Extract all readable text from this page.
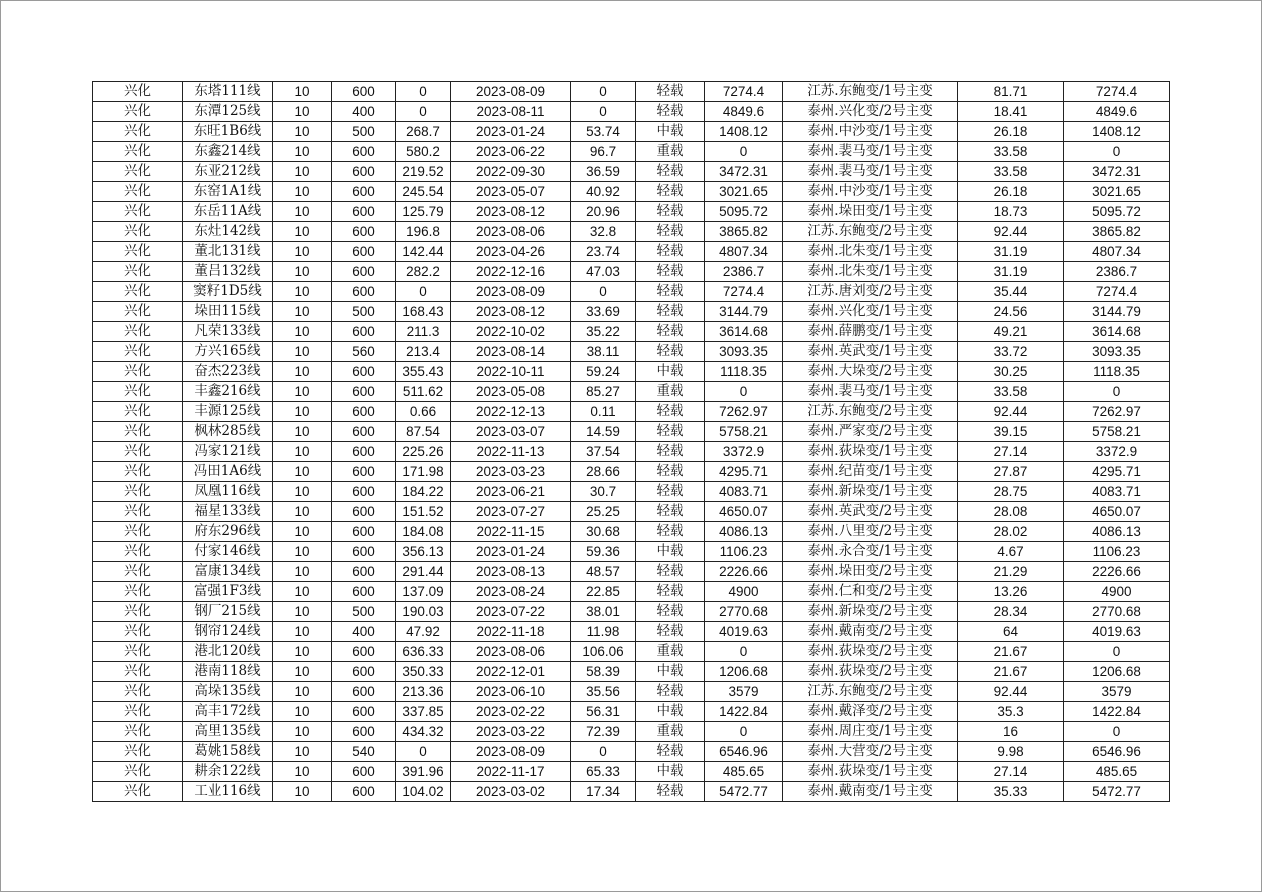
兴化	东塔111线	10	600	0	2023-08-09	0	轻载	7274.4	江苏.东鲍变/1号主变	81.71	7274.4
兴化	东潭125线	10	400	0	2023-08-11	0	轻载	4849.6	泰州.兴化变/2号主变	18.41	4849.6
兴化	东旺1B6线	10	500	268.7	2023-01-24	53.74	中载	1408.12	泰州.中沙变/1号主变	26.18	1408.12
兴化	东鑫214线	10	600	580.2	2023-06-22	96.7	重载	0	泰州.裴马变/1号主变	33.58	0
兴化	东亚212线	10	600	219.52	2022-09-30	36.59	轻载	3472.31	泰州.裴马变/1号主变	33.58	3472.31
兴化	东窑1A1线	10	600	245.54	2023-05-07	40.92	轻载	3021.65	泰州.中沙变/1号主变	26.18	3021.65
兴化	东岳11A线	10	600	125.79	2023-08-12	20.96	轻载	5095.72	泰州.垛田变/1号主变	18.73	5095.72
兴化	东灶142线	10	600	196.8	2023-08-06	32.8	轻载	3865.82	江苏.东鲍变/2号主变	92.44	3865.82
兴化	董北131线	10	600	142.44	2023-04-26	23.74	轻载	4807.34	泰州.北朱变/1号主变	31.19	4807.34
兴化	董吕132线	10	600	282.2	2022-12-16	47.03	轻载	2386.7	泰州.北朱变/1号主变	31.19	2386.7
兴化	窦籽1D5线	10	600	0	2023-08-09	0	轻载	7274.4	江苏.唐刘变/2号主变	35.44	7274.4
兴化	垛田115线	10	500	168.43	2023-08-12	33.69	轻载	3144.79	泰州.兴化变/1号主变	24.56	3144.79
兴化	凡荣133线	10	600	211.3	2022-10-02	35.22	轻载	3614.68	泰州.薛鹏变/1号主变	49.21	3614.68
兴化	方兴165线	10	560	213.4	2023-08-14	38.11	轻载	3093.35	泰州.英武变/1号主变	33.72	3093.35
兴化	奋杰223线	10	600	355.43	2022-10-11	59.24	中载	1118.35	泰州.大垛变/2号主变	30.25	1118.35
兴化	丰鑫216线	10	600	511.62	2023-05-08	85.27	重载	0	泰州.裴马变/1号主变	33.58	0
兴化	丰源125线	10	600	0.66	2022-12-13	0.11	轻载	7262.97	江苏.东鲍变/2号主变	92.44	7262.97
兴化	枫林285线	10	600	87.54	2023-03-07	14.59	轻载	5758.21	泰州.严家变/2号主变	39.15	5758.21
兴化	冯家121线	10	600	225.26	2022-11-13	37.54	轻载	3372.9	泰州.荻垛变/1号主变	27.14	3372.9
兴化	冯田1A6线	10	600	171.98	2023-03-23	28.66	轻载	4295.71	泰州.纪苗变/1号主变	27.87	4295.71
兴化	凤凰116线	10	600	184.22	2023-06-21	30.7	轻载	4083.71	泰州.新垛变/1号主变	28.75	4083.71
兴化	福星133线	10	600	151.52	2023-07-27	25.25	轻载	4650.07	泰州.英武变/2号主变	28.08	4650.07
兴化	府东296线	10	600	184.08	2022-11-15	30.68	轻载	4086.13	泰州.八里变/2号主变	28.02	4086.13
兴化	付家146线	10	600	356.13	2023-01-24	59.36	中载	1106.23	泰州.永合变/1号主变	4.67	1106.23
兴化	富康134线	10	600	291.44	2023-08-13	48.57	轻载	2226.66	泰州.垛田变/2号主变	21.29	2226.66
兴化	富强1F3线	10	600	137.09	2023-08-24	22.85	轻载	4900	泰州.仁和变/2号主变	13.26	4900
兴化	钢厂215线	10	500	190.03	2023-07-22	38.01	轻载	2770.68	泰州.新垛变/2号主变	28.34	2770.68
兴化	钢帘124线	10	400	47.92	2022-11-18	11.98	轻载	4019.63	泰州.戴南变/2号主变	64	4019.63
兴化	港北120线	10	600	636.33	2023-08-06	106.06	重载	0	泰州.荻垛变/2号主变	21.67	0
兴化	港南118线	10	600	350.33	2022-12-01	58.39	中载	1206.68	泰州.荻垛变/2号主变	21.67	1206.68
兴化	高垛135线	10	600	213.36	2023-06-10	35.56	轻载	3579	江苏.东鲍变/2号主变	92.44	3579
兴化	高丰172线	10	600	337.85	2023-02-22	56.31	中载	1422.84	泰州.戴泽变/2号主变	35.3	1422.84
兴化	高里135线	10	600	434.32	2023-03-22	72.39	重载	0	泰州.周庄变/1号主变	16	0
兴化	葛姚158线	10	540	0	2023-08-09	0	轻载	6546.96	泰州.大营变/2号主变	9.98	6546.96
兴化	耕余122线	10	600	391.96	2022-11-17	65.33	中载	485.65	泰州.荻垛变/1号主变	27.14	485.65
兴化	工业116线	10	600	104.02	2023-03-02	17.34	轻载	5472.77	泰州.戴南变/1号主变	35.33	5472.77
